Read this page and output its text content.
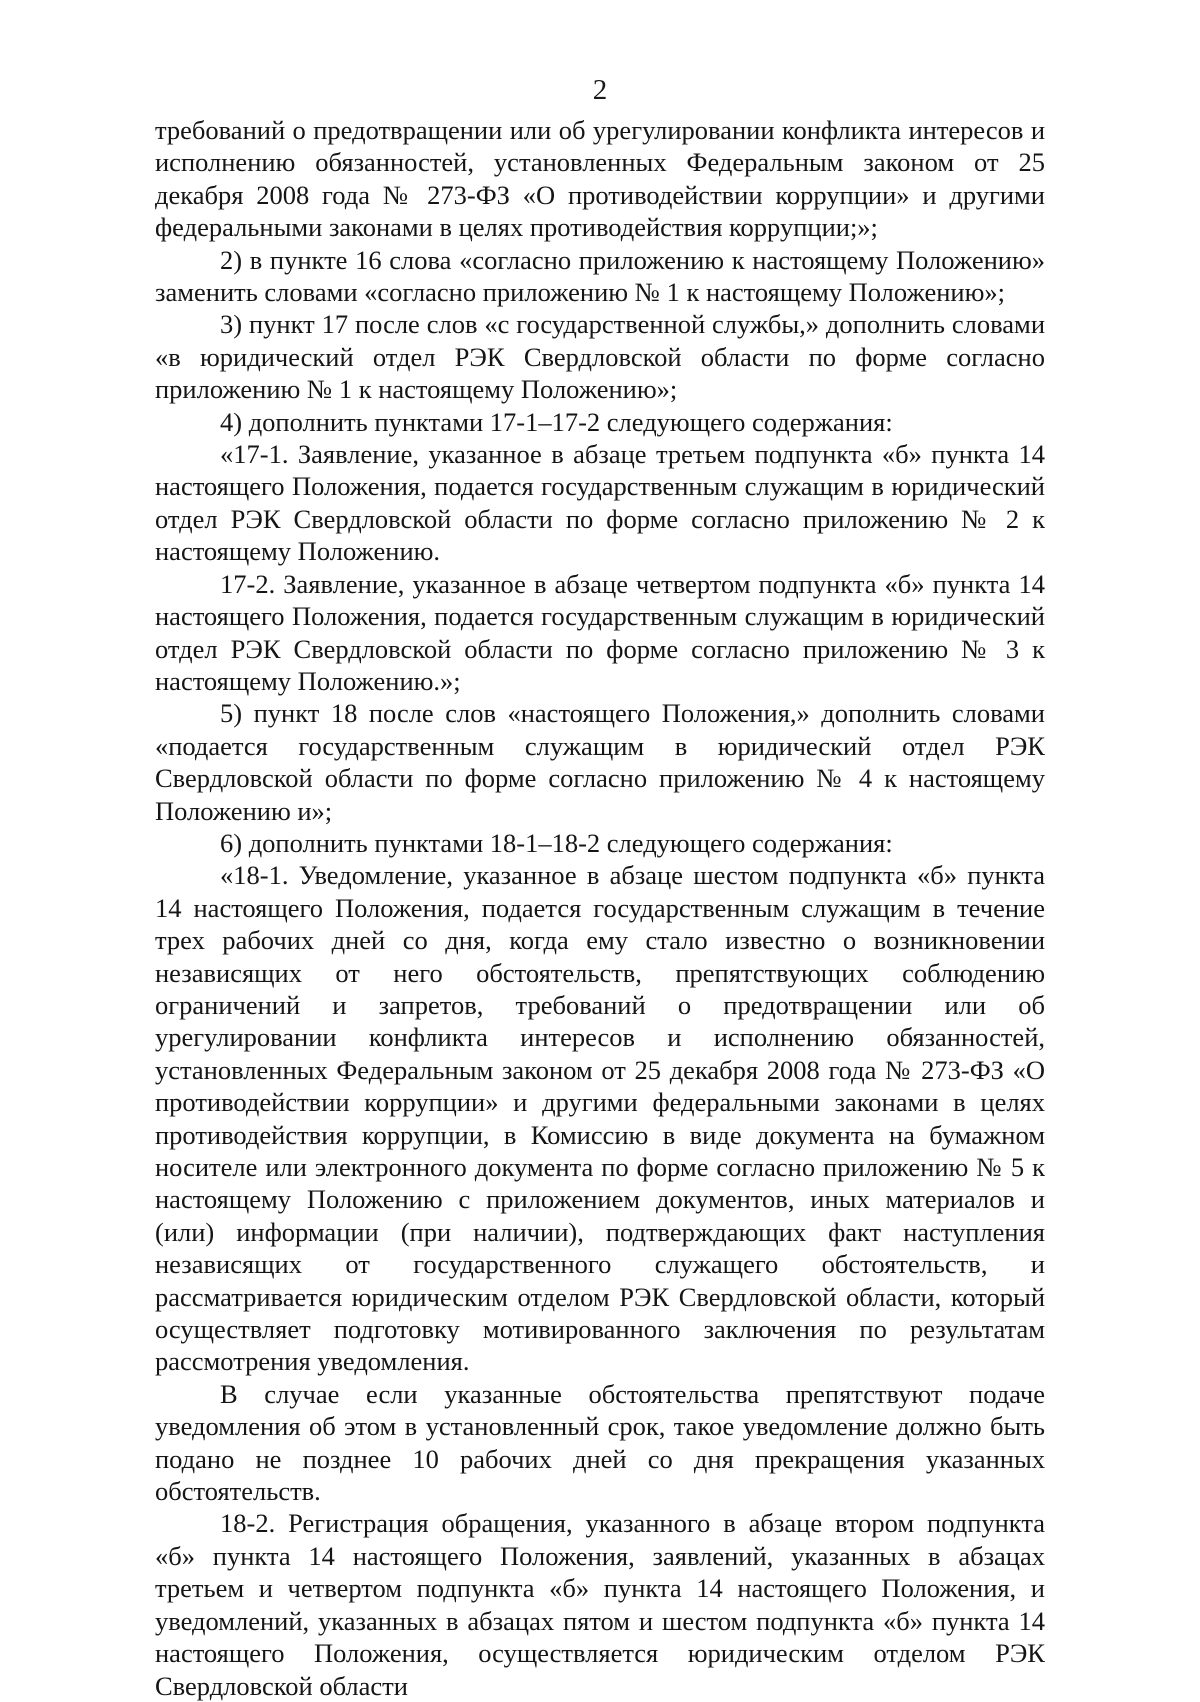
2

требований о предотвращении или об урегулировании конфликта интересов и исполнению обязанностей, установленных Федеральным законом от 25 декабря 2008 года № 273-ФЗ «О противодействии коррупции» и другими федеральными законами в целях противодействия коррупции;»;

2) в пункте 16 слова «согласно приложению к настоящему Положению» заменить словами «согласно приложению № 1 к настоящему Положению»;

3) пункт 17 после слов «с государственной службы,» дополнить словами «в юридический отдел РЭК Свердловской области по форме согласно приложению № 1 к настоящему Положению»;

4) дополнить пунктами 17-1–17-2 следующего содержания:

«17-1. Заявление, указанное в абзаце третьем подпункта «б» пункта 14 настоящего Положения, подается государственным служащим в юридический отдел РЭК Свердловской области по форме согласно приложению № 2 к настоящему Положению.

17-2. Заявление, указанное в абзаце четвертом подпункта «б» пункта 14 настоящего Положения, подается государственным служащим в юридический отдел РЭК Свердловской области по форме согласно приложению № 3 к настоящему Положению.»;

5) пункт 18 после слов «настоящего Положения,» дополнить словами «подается государственным служащим в юридический отдел РЭК Свердловской области по форме согласно приложению № 4 к настоящему Положению и»;

6) дополнить пунктами 18-1–18-2 следующего содержания:

«18-1. Уведомление, указанное в абзаце шестом подпункта «б» пункта 14 настоящего Положения, подается государственным служащим в течение трех рабочих дней со дня, когда ему стало известно о возникновении независящих от него обстоятельств, препятствующих соблюдению ограничений и запретов, требований о предотвращении или об урегулировании конфликта интересов и исполнению обязанностей, установленных Федеральным законом от 25 декабря 2008 года № 273-ФЗ «О противодействии коррупции» и другими федеральными законами в целях противодействия коррупции, в Комиссию в виде документа на бумажном носителе или электронного документа по форме согласно приложению № 5 к настоящему Положению с приложением документов, иных материалов и (или) информации (при наличии), подтверждающих факт наступления независящих от государственного служащего обстоятельств, и рассматривается юридическим отделом РЭК Свердловской области, который осуществляет подготовку мотивированного заключения по результатам рассмотрения уведомления.

В случае если указанные обстоятельства препятствуют подаче уведомления об этом в установленный срок, такое уведомление должно быть подано не позднее 10 рабочих дней со дня прекращения указанных обстоятельств.

18-2. Регистрация обращения, указанного в абзаце втором подпункта «б» пункта 14 настоящего Положения, заявлений, указанных в абзацах третьем и четвертом подпункта «б» пункта 14 настоящего Положения, и уведомлений, указанных в абзацах пятом и шестом подпункта «б» пункта 14 настоящего Положения, осуществляется юридическим отделом РЭК Свердловской области
